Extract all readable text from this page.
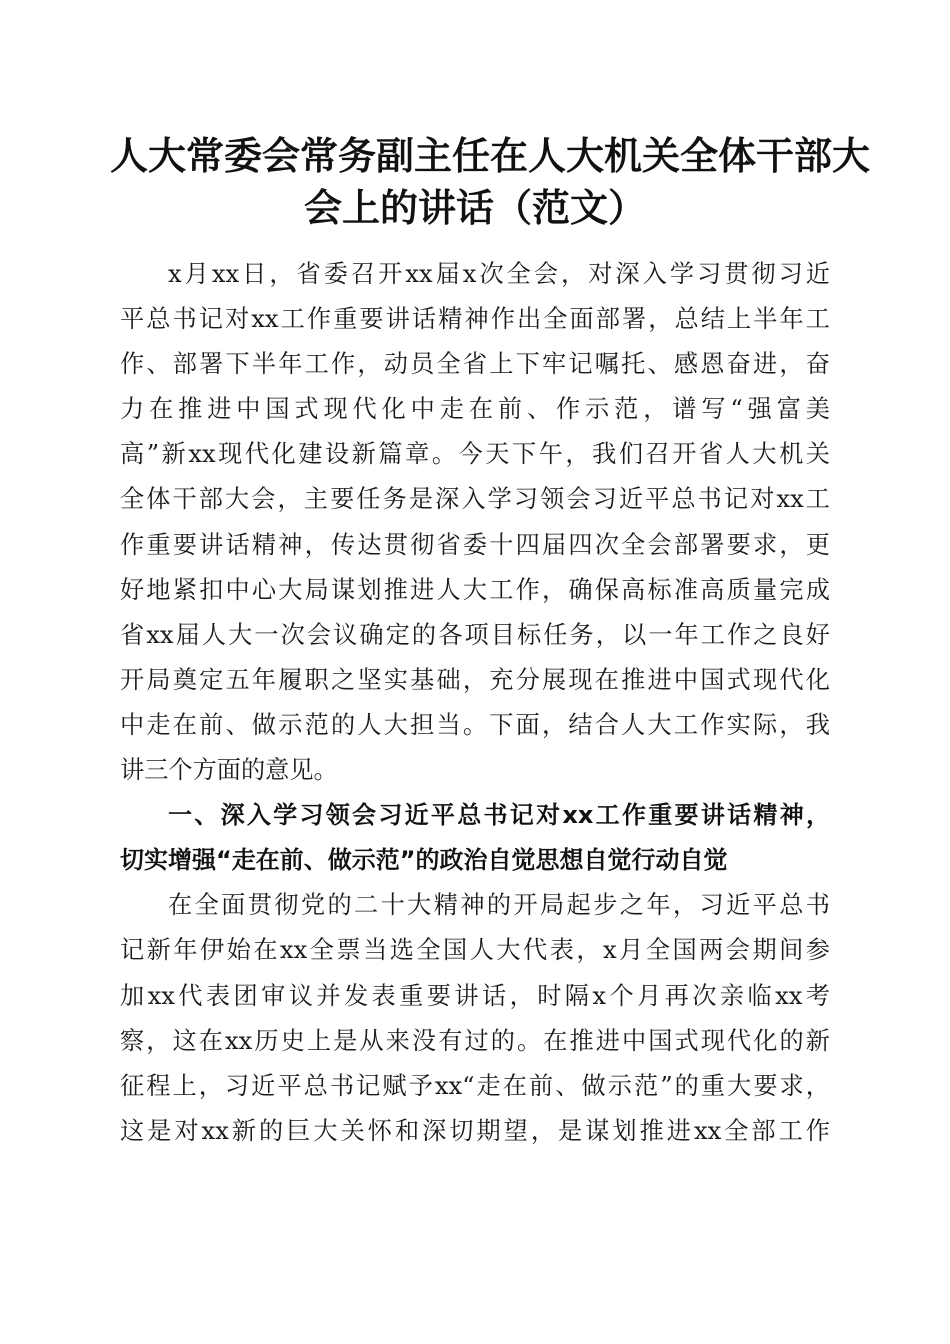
人大常委会常务副主任在人大机关全体干部大
会上的讲话（范文）
x月xx日，省委召开xx届x次全会，对深入学习贯彻习近
平总书记对xx工作重要讲话精神作出全面部署，总结上半年工
作、部署下半年工作，动员全省上下牢记嘱托、感恩奋进，奋
力在推进中国式现代化中走在前、作示范，谱写“强富美
高”新xx现代化建设新篇章。今天下午，我们召开省人大机关
全体干部大会，主要任务是深入学习领会习近平总书记对xx工
作重要讲话精神，传达贯彻省委十四届四次全会部署要求，更
好地紧扣中心大局谋划推进人大工作，确保高标准高质量完成
省xx届人大一次会议确定的各项目标任务，以一年工作之良好
开局奠定五年履职之坚实基础，充分展现在推进中国式现代化
中走在前、做示范的人大担当。下面，结合人大工作实际，我
讲三个方面的意见。
一、深入学习领会习近平总书记对xx工作重要讲话精神，
切实增强“走在前、做示范”的政治自觉思想自觉行动自觉
在全面贯彻党的二十大精神的开局起步之年，习近平总书
记新年伊始在xx全票当选全国人大代表，x月全国两会期间参
加xx代表团审议并发表重要讲话，时隔x个月再次亲临xx考
察，这在xx历史上是从来没有过的。在推进中国式现代化的新
征程上，习近平总书记赋予xx“走在前、做示范”的重大要求，
这是对xx新的巨大关怀和深切期望，是谋划推进xx全部工作
